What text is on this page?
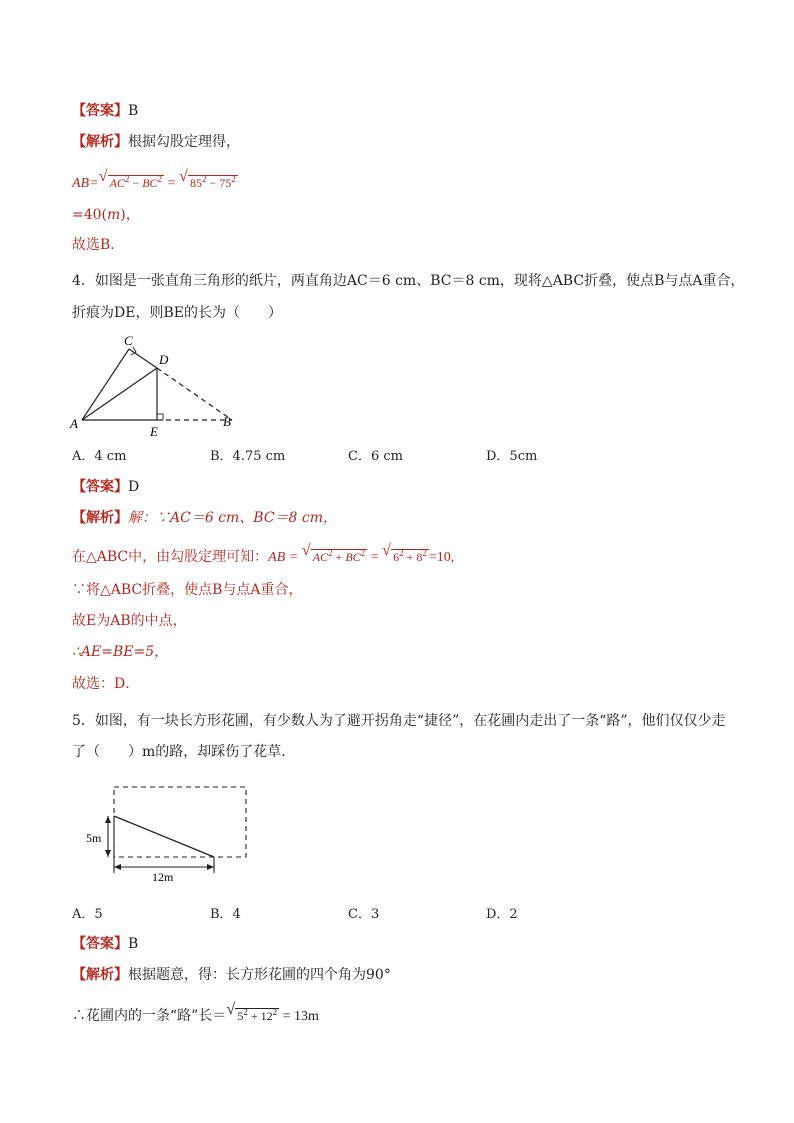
【答案】B
【解析】根据勾股定理得，
AB= √ $AC^2 - BC^2$ = √ $85^2 - 75^2$
=40(m)，
故选B．
4．如图是一张直角三角形的纸片，两直角边AC＝6 cm、BC＝8 cm，现将△ABC折叠，使点B与点A重合，
折痕为DE，则BE的长为（　　）
A
C
D
E
B
A．4 cm	B．4.75 cm	C．6 cm	D．5cm
【答案】D
【解析】解：∵AC＝6 cm、BC＝8 cm，
在△ABC中，由勾股定理可知：AB = √ $AC^2 + BC^2$ = √ $6^2 + 8^2 =10$,
∵将△ABC折叠，使点B与点A重合，
故E为AB的中点，
∴AE=BE=5，
故选：D．
5．如图，有一块长方形花圃，有少数人为了避开拐角走“捷径”，在花圃内走出了一条“路”，他们仅仅少走
了（　　）m的路，却踩伤了花草．
5m
12m
A．5	B．4	C．3	D．2
【答案】B
【解析】根据题意，得：长方形花圃的四个角为90°
∴花圃内的一条“路”长＝ √ $5^2 + 12^2 = 13m$
